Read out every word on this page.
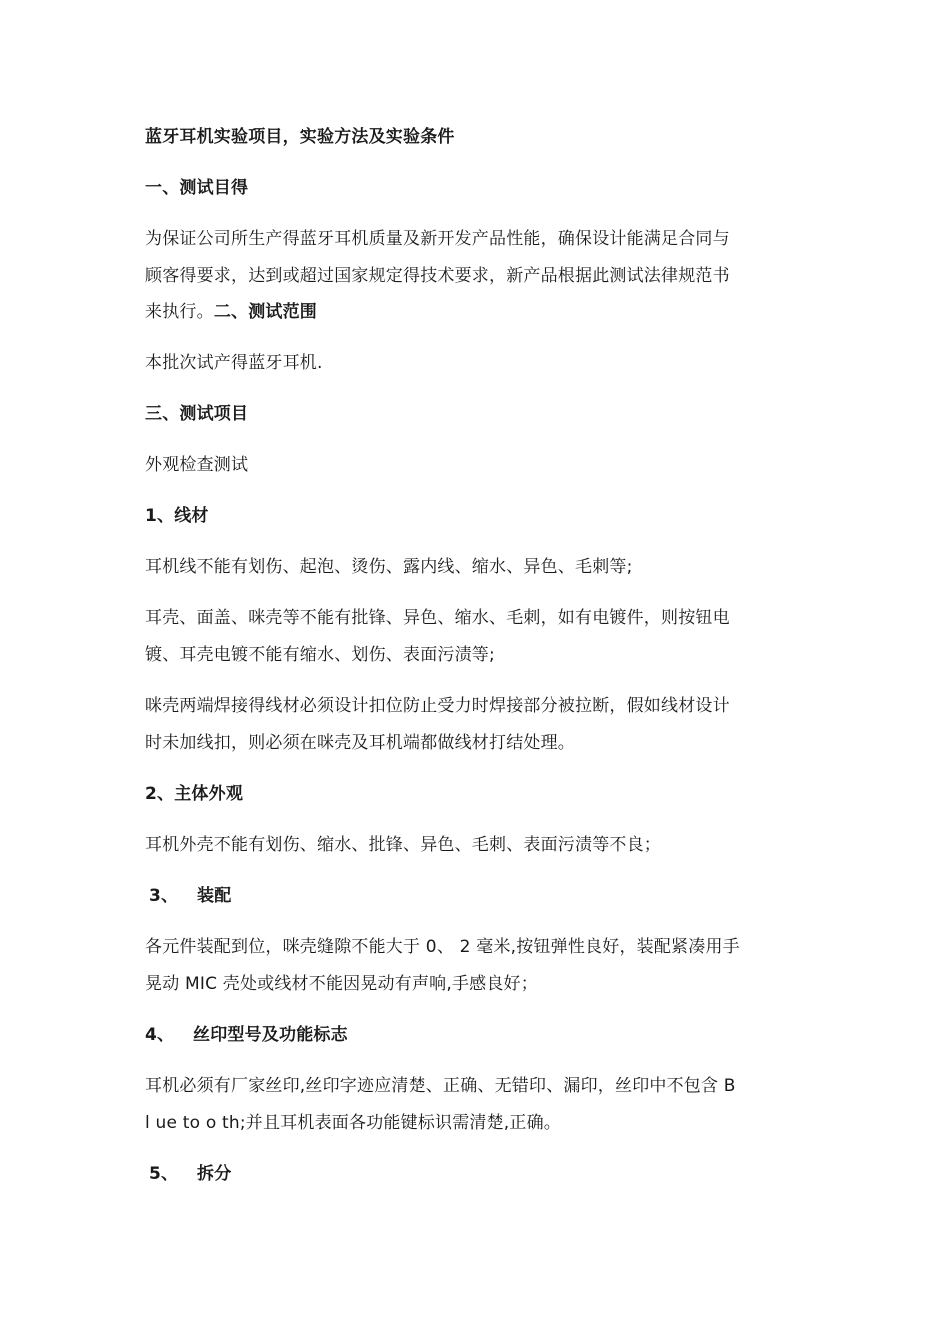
蓝牙耳机实验项目，实验方法及实验条件
一、测试目得
为保证公司所生产得蓝牙耳机质量及新开发产品性能，确保设计能满足合同与
顾客得要求，达到或超过国家规定得技术要求，新产品根据此测试法律规范书
来执行。二、测试范围
本批次试产得蓝牙耳机.
三、测试项目
外观检查测试
1、线材
耳机线不能有划伤、起泡、烫伤、露内线、缩水、异色、毛刺等;
耳壳、面盖、咪壳等不能有批锋、异色、缩水、毛刺，如有电镀件，则按钮电
镀、耳壳电镀不能有缩水、划伤、表面污渍等;
咪壳两端焊接得线材必须设计扣位防止受力时焊接部分被拉断，假如线材设计
时未加线扣，则必须在咪壳及耳机端都做线材打结处理。
2、主体外观
耳机外壳不能有划伤、缩水、批锋、异色、毛刺、表面污渍等不良；
3、 装配
各元件装配到位，咪壳缝隙不能大于 0、 2 毫米,按钮弹性良好，装配紧凑用手
晃动 MIC 壳处或线材不能因晃动有声响,手感良好；
4、 丝印型号及功能标志
耳机必须有厂家丝印,丝印字迹应清楚、正确、无错印、漏印，丝印中不包含 B
l ue to o th;并且耳机表面各功能键标识需清楚,正确。
5、 拆分
